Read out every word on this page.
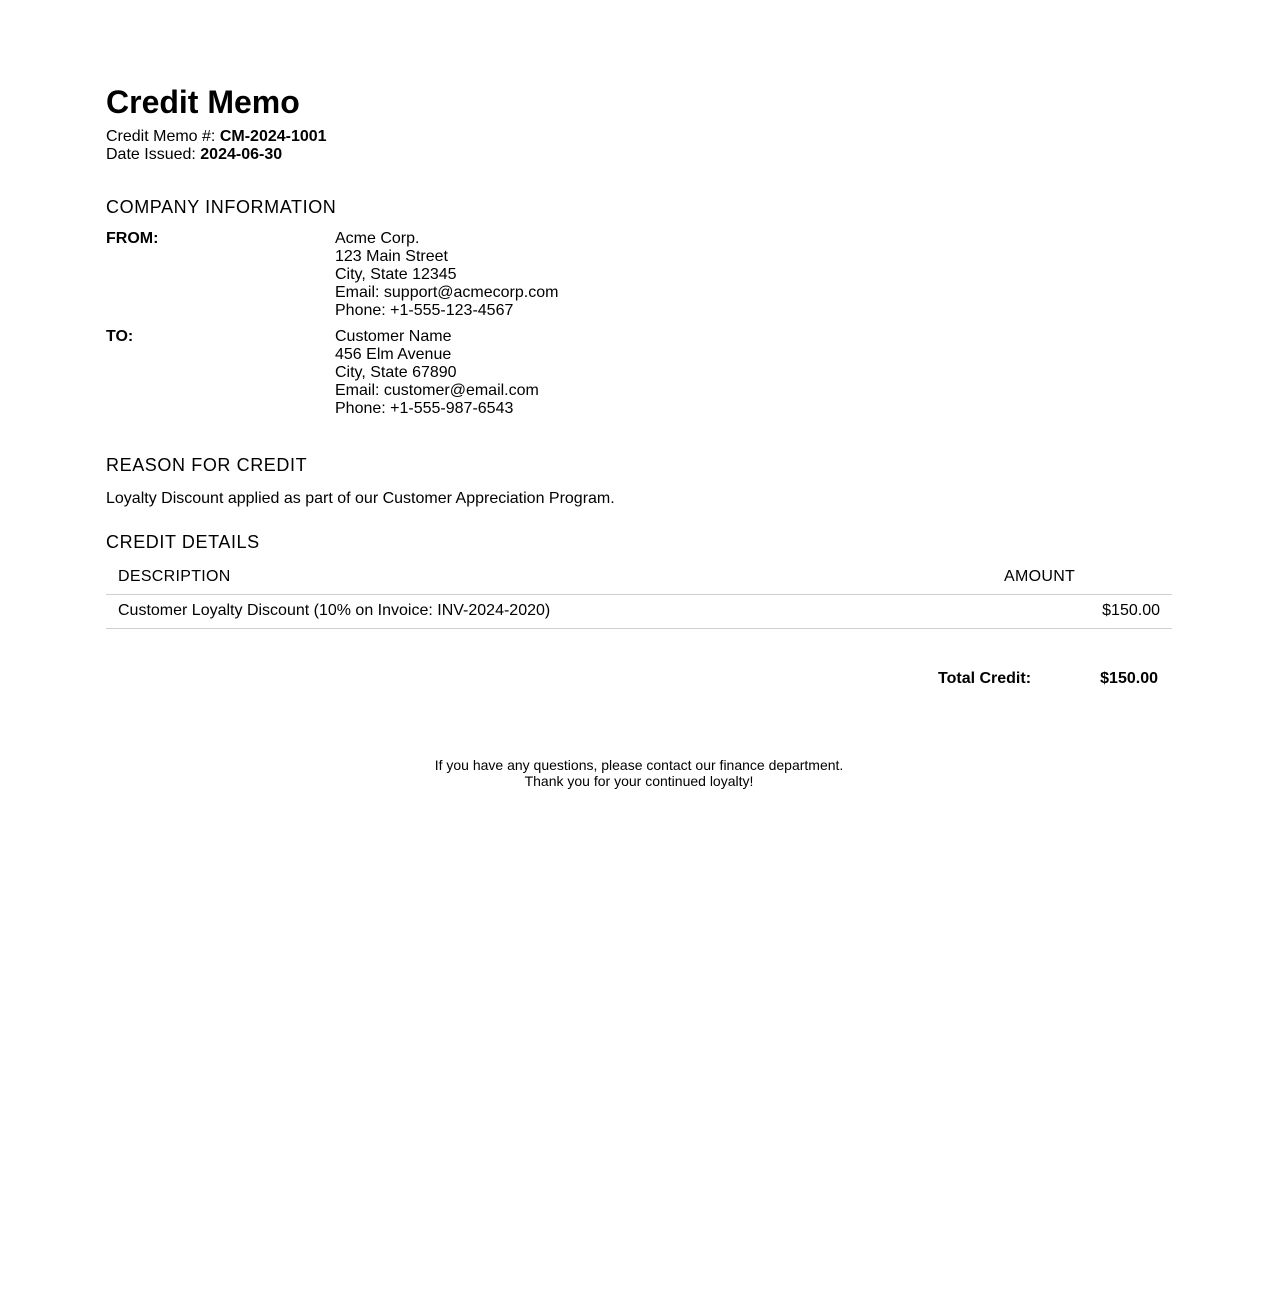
Credit Memo
Credit Memo #: CM-2024-1001
Date Issued: 2024-06-30
COMPANY INFORMATION
FROM:	Acme Corp.
123 Main Street
City, State 12345
Email: support@acmecorp.com
Phone: +1-555-123-4567
TO:	Customer Name
456 Elm Avenue
City, State 67890
Email: customer@email.com
Phone: +1-555-987-6543
REASON FOR CREDIT
Loyalty Discount applied as part of our Customer Appreciation Program.
CREDIT DETAILS
DESCRIPTION	AMOUNT
Customer Loyalty Discount (10% on Invoice: INV-2024-2020)	$150.00
Total Credit:	$150.00
If you have any questions, please contact our finance department.
Thank you for your continued loyalty!
